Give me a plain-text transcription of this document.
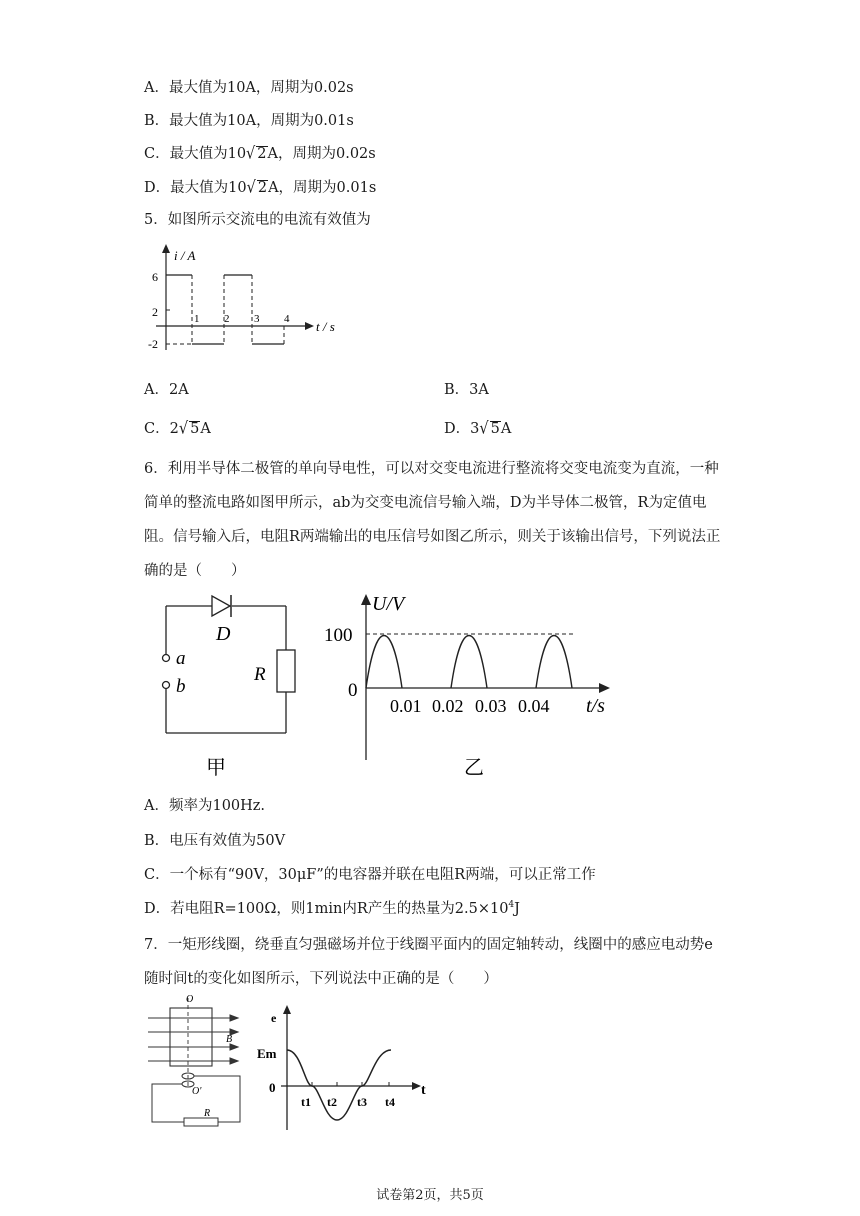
A．最大值为10A，周期为0.02s
B．最大值为10A，周期为0.01s
C．最大值为10√ 2A，周期为0.02s
D．最大值为10√ 2A，周期为0.01s
5．如图所示交流电的电流有效值为
i / A
6
2
-2
1 2 3 4 t / s
A．2A	B．3A
C．2√ 5A	D．3√ 5A
6．利用半导体二极管的单向导电性，可以对交变电流进行整流将交变电流变为直流，一种简单的整流电路如图甲所示，ab为交变电流信号输入端，D为半导体二极管，R为定值电阻。信号输入后，电阻R两端输出的电压信号如图乙所示，则关于该输出信号，下列说法正确的是（　　）
D
a
b
R
甲
U/V
100
0
0.01 0.02 0.03 0.04 t/s
乙
A．频率为100Hz.
B．电压有效值为50V
C．一个标有“90V，30μF”的电容器并联在电阻R两端，可以正常工作
D．若电阻R=100Ω，则1min内R产生的热量为$2.5\times 10^4J$
7．一矩形线圈，绕垂直匀强磁场并位于线圈平面内的固定轴转动，线圈中的感应电动势e随时间t的变化如图所示，下列说法中正确的是（　　）
O
O'
B
R
e
Em
0
t1 t2 t3 t4
t
试卷第2页，共5页
